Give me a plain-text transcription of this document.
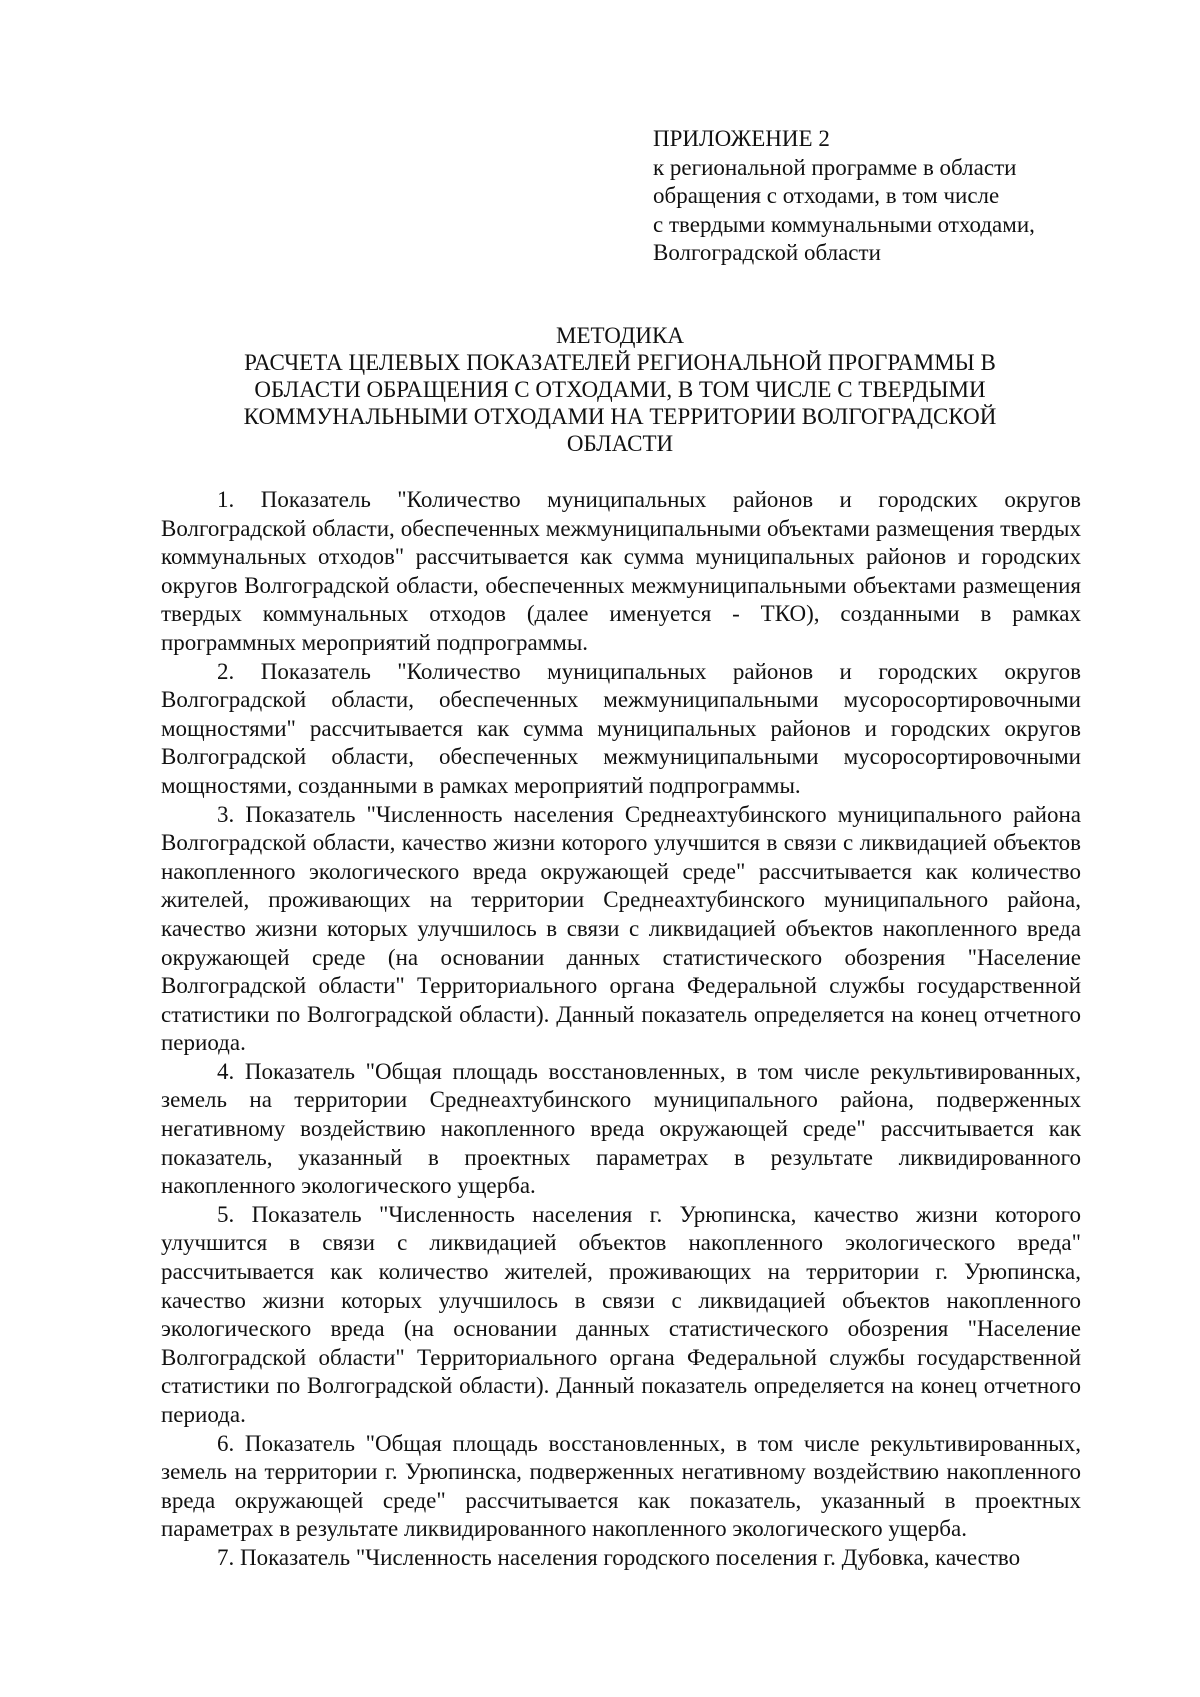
ПРИЛОЖЕНИЕ 2
к региональной программе в области
обращения с отходами, в том числе
с твердыми коммунальными отходами,
Волгоградской области
МЕТОДИКА
РАСЧЕТА ЦЕЛЕВЫХ ПОКАЗАТЕЛЕЙ РЕГИОНАЛЬНОЙ ПРОГРАММЫ В ОБЛАСТИ ОБРАЩЕНИЯ С ОТХОДАМИ, В ТОМ ЧИСЛЕ С ТВЕРДЫМИ КОММУНАЛЬНЫМИ ОТХОДАМИ НА ТЕРРИТОРИИ ВОЛГОГРАДСКОЙ ОБЛАСТИ

1. Показатель "Количество муниципальных районов и городских округов Волгоградской области, обеспеченных межмуниципальными объектами размещения твердых коммунальных отходов" рассчитывается как сумма муниципальных районов и городских округов Волгоградской области, обеспеченных межмуниципальными объектами размещения твердых коммунальных отходов (далее именуется - ТКО), созданными в рамках программных мероприятий подпрограммы.

2. Показатель "Количество муниципальных районов и городских округов Волгоградской области, обеспеченных межмуниципальными мусоросортировочными мощностями" рассчитывается как сумма муниципальных районов и городских округов Волгоградской области, обеспеченных межмуниципальными мусоросортировочными мощностями, созданными в рамках мероприятий подпрограммы.

3. Показатель "Численность населения Среднеахтубинского муниципального района Волгоградской области, качество жизни которого улучшится в связи с ликвидацией объектов накопленного экологического вреда окружающей среде" рассчитывается как количество жителей, проживающих на территории Среднеахтубинского муниципального района, качество жизни которых улучшилось в связи с ликвидацией объектов накопленного вреда окружающей среде (на основании данных статистического обозрения "Население Волгоградской области" Территориального органа Федеральной службы государственной статистики по Волгоградской области). Данный показатель определяется на конец отчетного периода.

4. Показатель "Общая площадь восстановленных, в том числе рекультивированных, земель на территории Среднеахтубинского муниципального района, подверженных негативному воздействию накопленного вреда окружающей среде" рассчитывается как показатель, указанный в проектных параметрах в результате ликвидированного накопленного экологического ущерба.

5. Показатель "Численность населения г. Урюпинска, качество жизни которого улучшится в связи с ликвидацией объектов накопленного экологического вреда" рассчитывается как количество жителей, проживающих на территории г. Урюпинска, качество жизни которых улучшилось в связи с ликвидацией объектов накопленного экологического вреда (на основании данных статистического обозрения "Население Волгоградской области" Территориального органа Федеральной службы государственной статистики по Волгоградской области). Данный показатель определяется на конец отчетного периода.

6. Показатель "Общая площадь восстановленных, в том числе рекультивированных, земель на территории г. Урюпинска, подверженных негативному воздействию накопленного вреда окружающей среде" рассчитывается как показатель, указанный в проектных параметрах в результате ликвидированного накопленного экологического ущерба.

7. Показатель "Численность населения городского поселения г. Дубовка, качество
